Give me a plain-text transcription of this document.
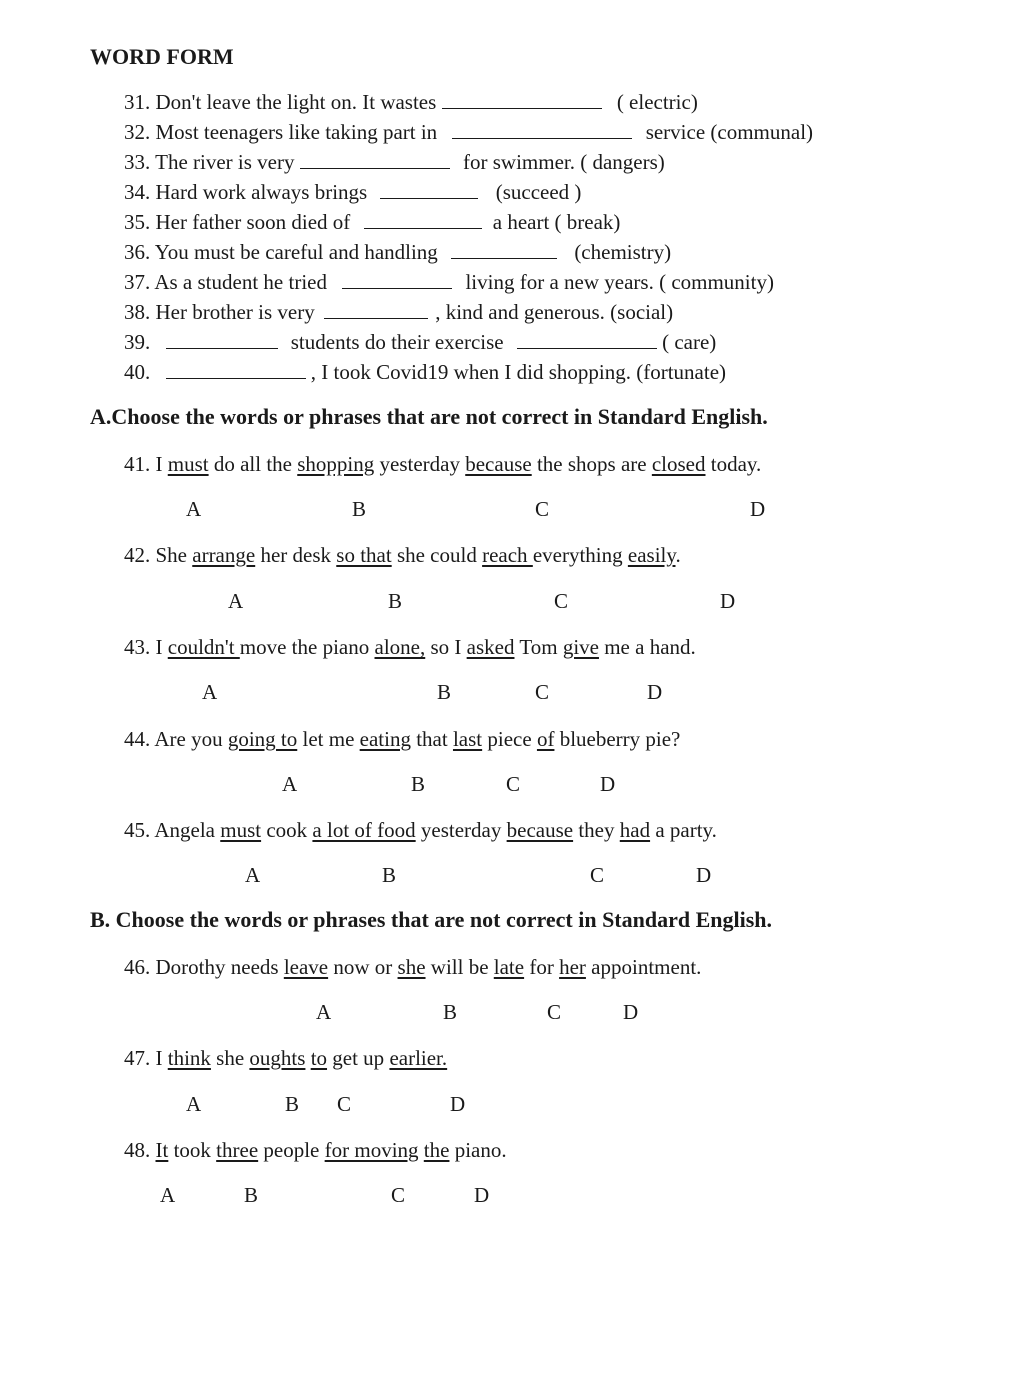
WORD FORM
31. Don't leave the light on. It wastes	( electric)
32. Most teenagers like taking part in	service (communal)
33. The river is very	for swimmer. ( dangers)
34. Hard work always brings	(succeed )
35. Her father soon died of	a heart ( break)
36. You must be careful and handling	(chemistry)
37. As a student he tried	living for a new years. ( community)
38. Her brother is very	, kind and generous. (social)
39.	students do their exercise	( care)
40.	, I took Covid19 when I did shopping. (fortunate)
A.Choose the words or phrases that are not correct in Standard English.
41. I must do all the shopping yesterday because the shops are closed today.
A	B	C	D
42. She arrange her desk so that she could reach everything easily.
A	B	C	D
43. I couldn't move the piano alone, so I asked Tom give me a hand.
A	B	C	D
44. Are you going to let me eating that last piece of blueberry pie?
A	B	C	D
45. Angela must cook a lot of food yesterday because they had a party.
A	B	C	D
B. Choose the words or phrases that are not correct in Standard English.
46. Dorothy needs leave now or she will be late for her appointment.
A	B	C	D
47. I think she oughts to get up earlier.
A	B C	D
48. It took three people for moving the piano.
A	B	C	D
